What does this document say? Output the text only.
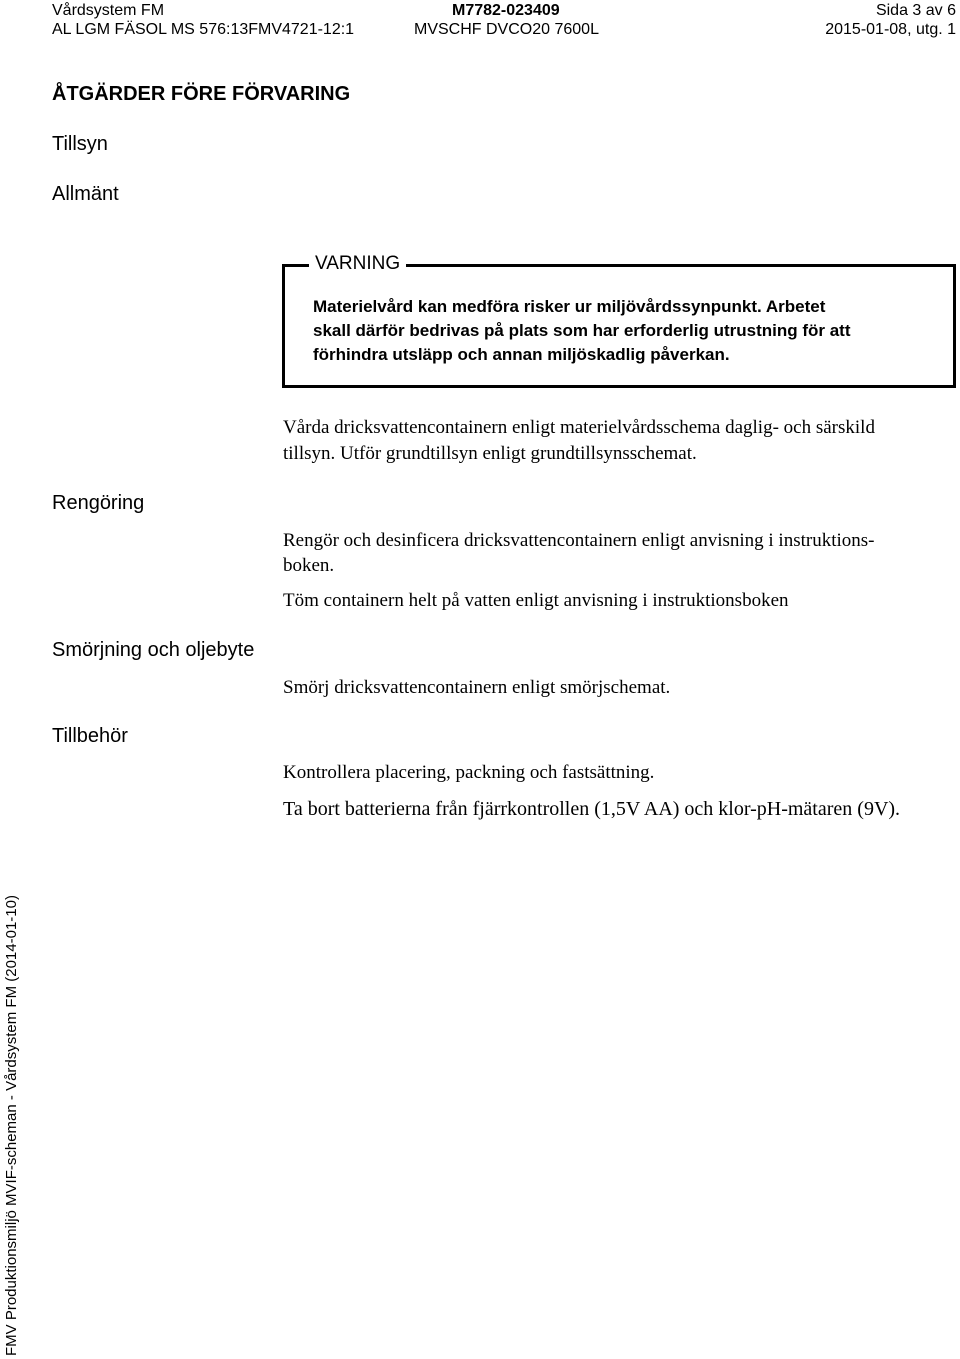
Vårdsystem FM
AL LGM FÄSOL MS 576:13FMV4721-12:1
M7782-023409
MVSCHF DVCO20 7600L
Sida 3 av 6
2015-01-08, utg. 1
ÅTGÄRDER FÖRE FÖRVARING
Tillsyn
Allmänt
VARNING
Materielvård kan medföra risker ur miljövårdssynpunkt. Arbetet
skall därför bedrivas på plats som har erforderlig utrustning för att
förhindra utsläpp och annan miljöskadlig påverkan.
Vårda dricksvattencontainern enligt materielvårdsschema daglig- och särskild
tillsyn. Utför grundtillsyn enligt grundtillsynsschemat.
Rengöring
Rengör och desinficera dricksvattencontainern enligt anvisning i instruktions-
boken.
Töm containern helt på vatten enligt anvisning i instruktionsboken
Smörjning och oljebyte
Smörj dricksvattencontainern enligt smörjschemat.
Tillbehör
Kontrollera placering, packning och fastsättning.
Ta bort batterierna från fjärrkontrollen (1,5V AA) och klor-pH-mätaren (9V).
FMV Produktionsmiljö MVIF-scheman - Vårdsystem FM (2014-01-10)
